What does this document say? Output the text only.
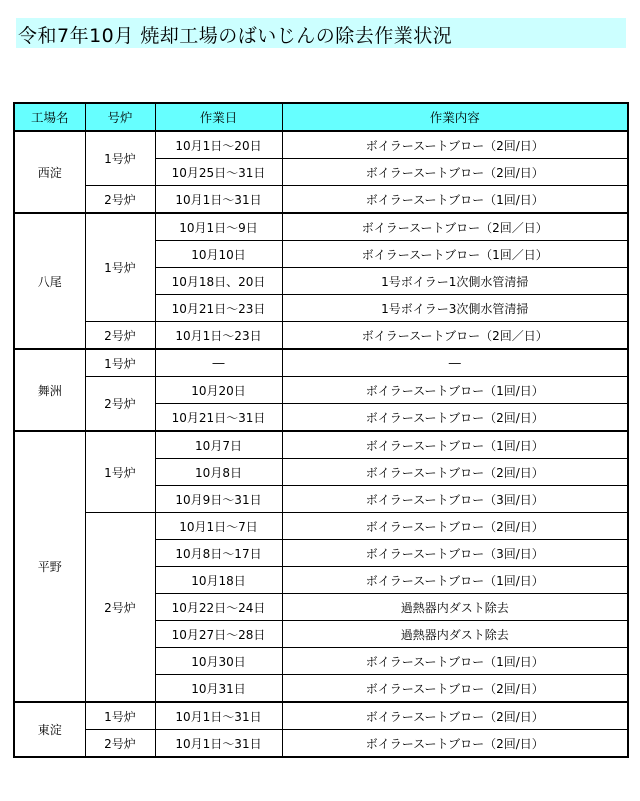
令和7年10月 焼却工場のばいじんの除去作業状況
工場名	号炉	作業日	作業内容
西淀	1号炉	10月1日～20日	ボイラースートブロー（2回/日）
		10月25日～31日	ボイラースートブロー（2回/日）
	2号炉	10月1日～31日	ボイラースートブロー（1回/日）
八尾	1号炉	10月1日～9日	ボイラースートブロー（2回／日）
		10月10日	ボイラースートブロー（1回／日）
		10月18日、20日	1号ボイラー1次側水管清掃
		10月21日～23日	1号ボイラー3次側水管清掃
	2号炉	10月1日～23日	ボイラースートブロー（2回／日）
舞洲	1号炉	―	―
	2号炉	10月20日	ボイラースートブロー（1回/日）
		10月21日～31日	ボイラースートブロー（2回/日）
平野	1号炉	10月7日	ボイラースートブロー（1回/日）
		10月8日	ボイラースートブロー（2回/日）
		10月9日～31日	ボイラースートブロー（3回/日）
	2号炉	10月1日～7日	ボイラースートブロー（2回/日）
		10月8日～17日	ボイラースートブロー（3回/日）
		10月18日	ボイラースートブロー（1回/日）
		10月22日～24日	過熱器内ダスト除去
		10月27日～28日	過熱器内ダスト除去
		10月30日	ボイラースートブロー（1回/日）
		10月31日	ボイラースートブロー（2回/日）
東淀	1号炉	10月1日～31日	ボイラースートブロー（2回/日）
	2号炉	10月1日～31日	ボイラースートブロー（2回/日）
